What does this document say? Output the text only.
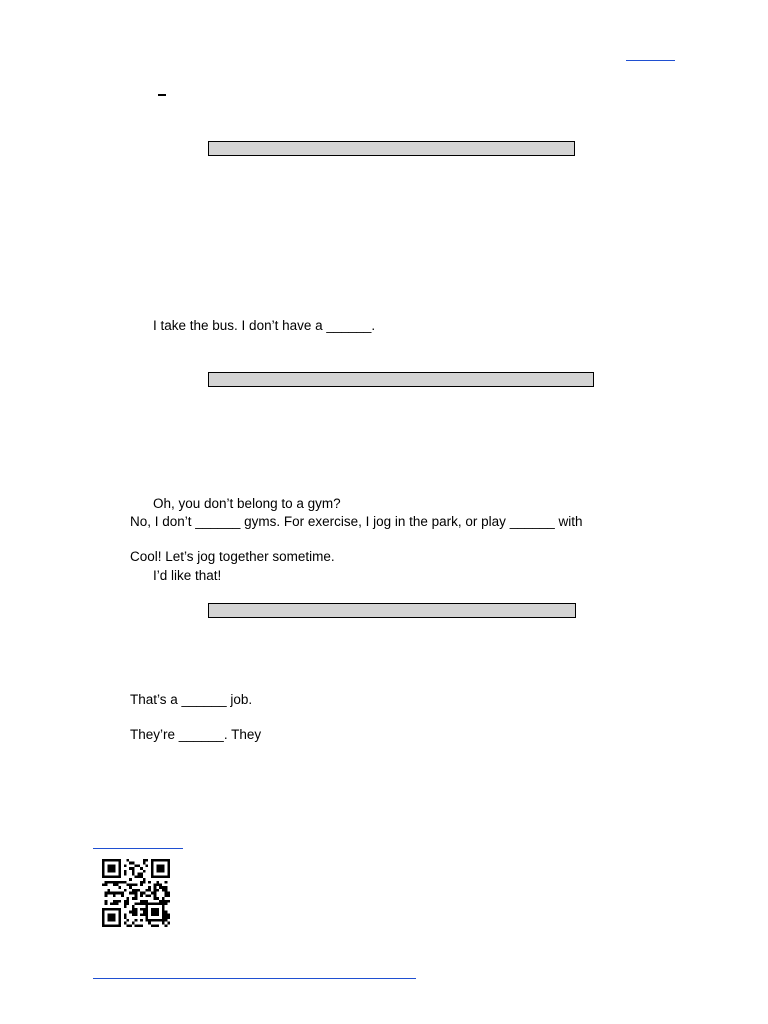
I take the bus. I don’t have a ______.
Oh, you don’t belong to a gym?
No, I don’t ______ gyms. For exercise, I jog in the park, or play ______ with
Cool! Let’s jog together sometime.
I’d like that!
That’s a ______ job.
They’re ______. They
